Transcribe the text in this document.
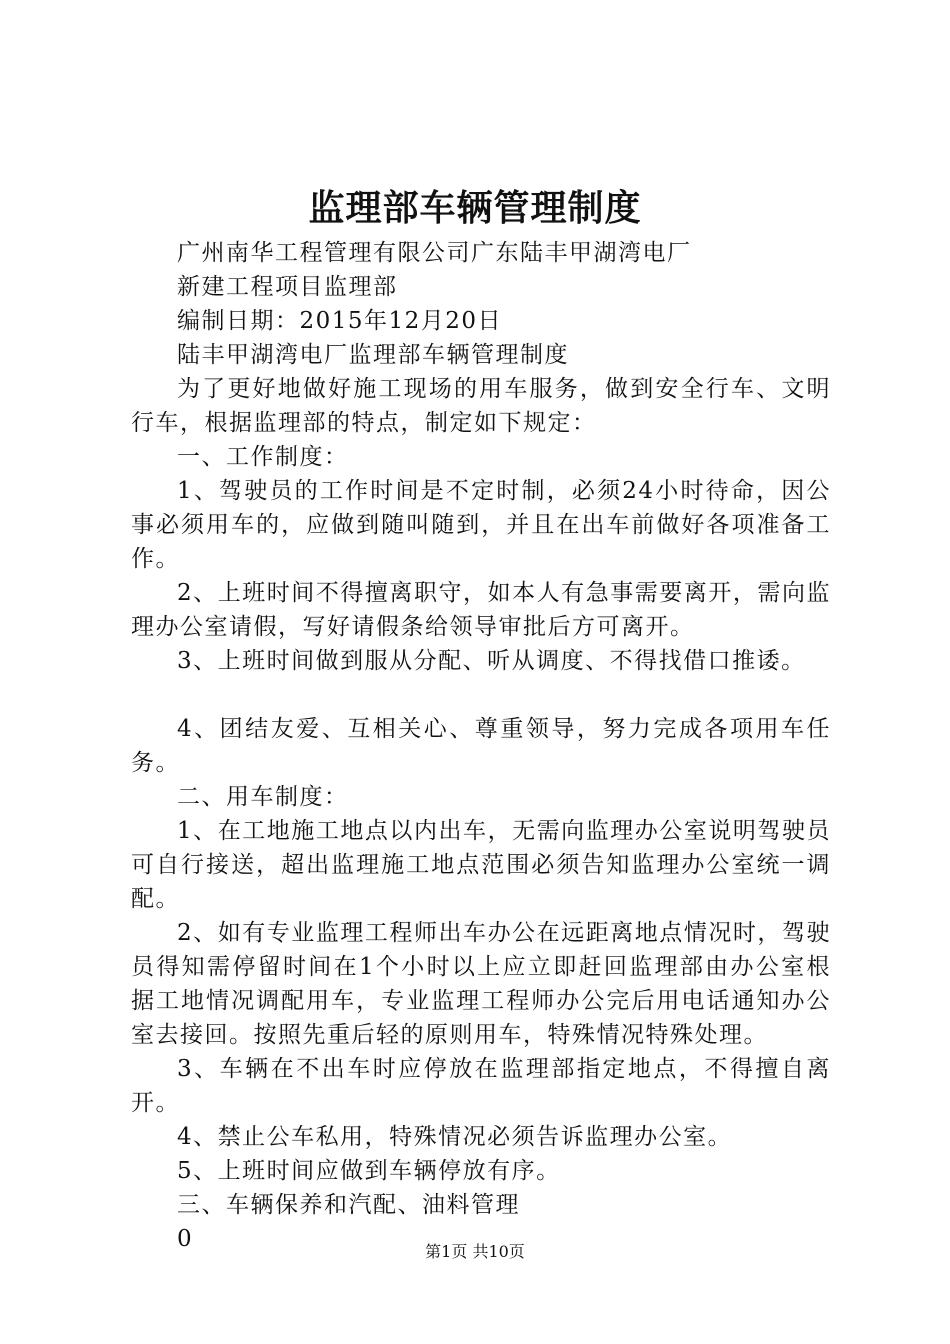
监理部车辆管理制度

广州南华工程管理有限公司广东陆丰甲湖湾电厂

新建工程项目监理部

编制日期：2015年12月20日

陆丰甲湖湾电厂监理部车辆管理制度

为了更好地做好施工现场的用车服务，做到安全行车、文明行车，根据监理部的特点，制定如下规定：

一、工作制度：

1、驾驶员的工作时间是不定时制，必须24小时待命，因公事必须用车的，应做到随叫随到，并且在出车前做好各项准备工作。

2、上班时间不得擅离职守，如本人有急事需要离开，需向监理办公室请假，写好请假条给领导审批后方可离开。

3、上班时间做到服从分配、听从调度、不得找借口推诿。

4、团结友爱、互相关心、尊重领导，努力完成各项用车任务。

二、用车制度：

1、在工地施工地点以内出车，无需向监理办公室说明驾驶员可自行接送，超出监理施工地点范围必须告知监理办公室统一调配。

2、如有专业监理工程师出车办公在远距离地点情况时，驾驶员得知需停留时间在1个小时以上应立即赶回监理部由办公室根据工地情况调配用车，专业监理工程师办公完后用电话通知办公室去接回。按照先重后轻的原则用车，特殊情况特殊处理。

3、车辆在不出车时应停放在监理部指定地点，不得擅自离开。

4、禁止公车私用，特殊情况必须告诉监理办公室。

5、上班时间应做到车辆停放有序。

三、车辆保养和汽配、油料管理

0	第1页 共10页
